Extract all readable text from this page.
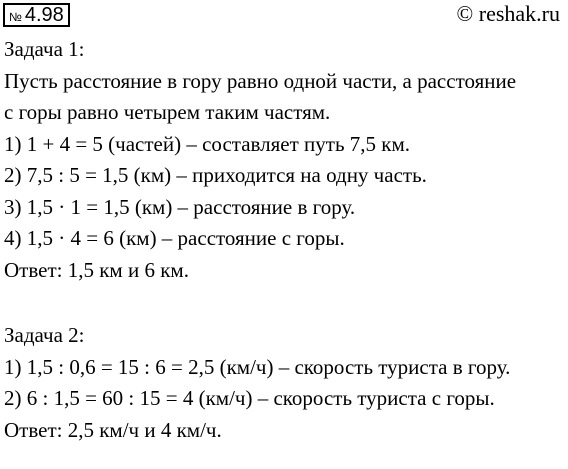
№ 4.98	© reshak.ru
Задача 1:
Пусть расстояние в гору равно одной части, а расстояние
с горы равно четырем таким частям.
1) 1 + 4 = 5 (частей) – составляет путь 7,5 км.
2) 7,5 : 5 = 1,5 (км) – приходится на одну часть.
3) 1,5 · 1 = 1,5 (км) – расстояние в гору.
4) 1,5 · 4 = 6 (км) – расстояние с горы.
Ответ: 1,5 км и 6 км.
Задача 2:
1) 1,5 : 0,6 = 15 : 6 = 2,5 (км/ч) – скорость туриста в гору.
2) 6 : 1,5 = 60 : 15 = 4 (км/ч) – скорость туриста с горы.
Ответ: 2,5 км/ч и 4 км/ч.
